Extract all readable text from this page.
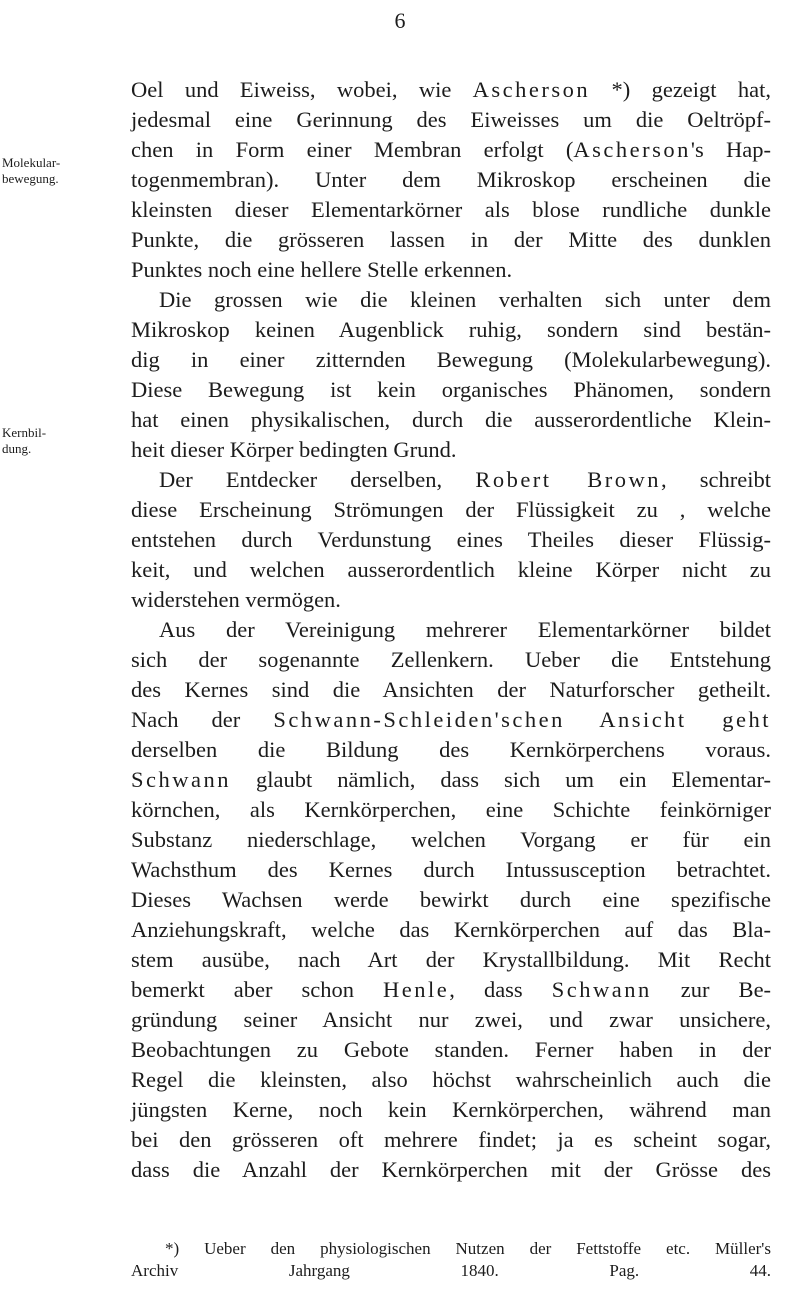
6
Molekular-
bewegung.
Kernbil-
dung.
Oel und Eiweiss, wobei, wie Ascherson *) gezeigt hat,
jedesmal eine Gerinnung des Eiweisses um die Oeltröpf-
chen in Form einer Membran erfolgt (Ascherson's Hap-
togenmembran). Unter dem Mikroskop erscheinen die
kleinsten dieser Elementarkörner als blose rundliche dunkle
Punkte, die grösseren lassen in der Mitte des dunklen
Punktes noch eine hellere Stelle erkennen.
Die grossen wie die kleinen verhalten sich unter dem
Mikroskop keinen Augenblick ruhig, sondern sind bestän-
dig in einer zitternden Bewegung (Molekularbewegung).
Diese Bewegung ist kein organisches Phänomen, sondern
hat einen physikalischen, durch die ausserordentliche Klein-
heit dieser Körper bedingten Grund.
Der Entdecker derselben, Robert Brown, schreibt
diese Erscheinung Strömungen der Flüssigkeit zu , welche
entstehen durch Verdunstung eines Theiles dieser Flüssig-
keit, und welchen ausserordentlich kleine Körper nicht zu
widerstehen vermögen.
Aus der Vereinigung mehrerer Elementarkörner bildet
sich der sogenannte Zellenkern. Ueber die Entstehung
des Kernes sind die Ansichten der Naturforscher getheilt.
Nach der Schwann-Schleiden'schen Ansicht geht
derselben die Bildung des Kernkörperchens voraus.
Schwann glaubt nämlich, dass sich um ein Elementar-
körnchen, als Kernkörperchen, eine Schichte feinkörniger
Substanz niederschlage, welchen Vorgang er für ein
Wachsthum des Kernes durch Intussusception betrachtet.
Dieses Wachsen werde bewirkt durch eine spezifische
Anziehungskraft, welche das Kernkörperchen auf das Bla-
stem ausübe, nach Art der Krystallbildung. Mit Recht
bemerkt aber schon Henle, dass Schwann zur Be-
gründung seiner Ansicht nur zwei, und zwar unsichere,
Beobachtungen zu Gebote standen. Ferner haben in der
Regel die kleinsten, also höchst wahrscheinlich auch die
jüngsten Kerne, noch kein Kernkörperchen, während man
bei den grösseren oft mehrere findet; ja es scheint sogar,
dass die Anzahl der Kernkörperchen mit der Grösse des
*) Ueber den physiologischen Nutzen der Fettstoffe etc. Müller's
Archiv Jahrgang 1840. Pag. 44.
